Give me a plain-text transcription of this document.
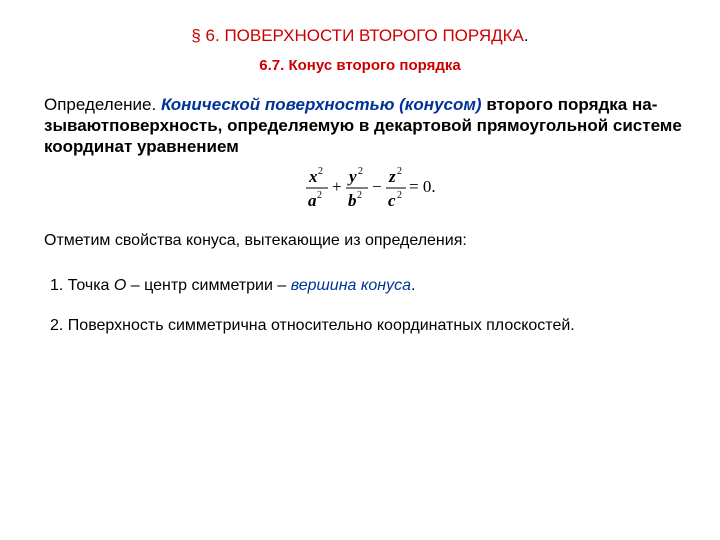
§ 6. ПОВЕРХНОСТИ ВТОРОГО ПОРЯДКА.
6.7. Конус второго порядка
Определение. Конической поверхностью (конусом) второго порядка на-зываютповерхность, определяемую в декартовой прямоугольной системе координат уравнением
x 2
a 2 +
y 2
b 2 −
z 2
c 2 = 0.
Отметим свойства конуса, вытекающие из определения:
1. Точка O – центр симметрии – вершина конуса.
2. Поверхность симметрична относительно координатных плоскостей.
